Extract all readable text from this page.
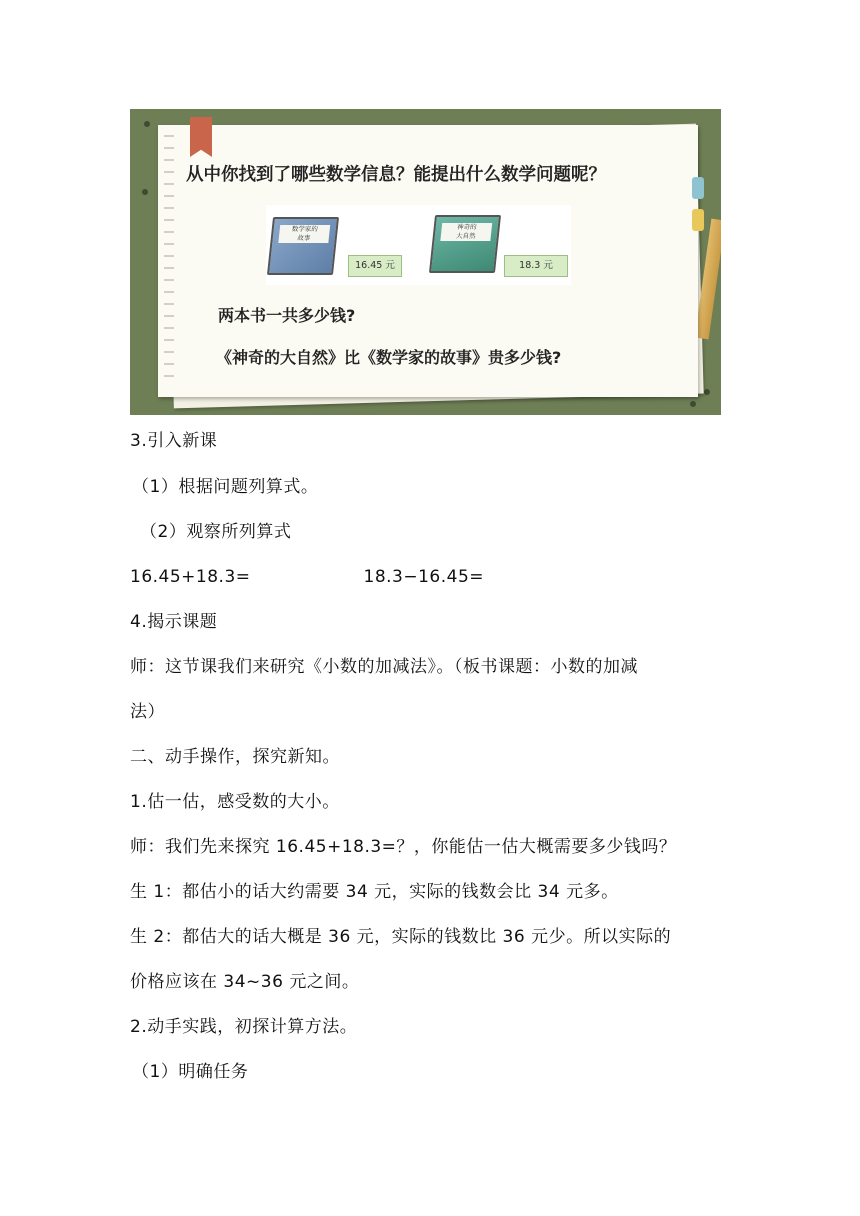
从中你找到了哪些数学信息？能提出什么数学问题呢？
数学家的
故事
16.45 元
神奇的
大自然
18.3 元
两本书一共多少钱?
《神奇的大自然》比《数学家的故事》贵多少钱?
3.引入新课
（1）根据问题列算式。
（2）观察所列算式
16.45+18.3=	18.3−16.45=
4.揭示课题
师：这节课我们来研究《小数的加减法》。（板书课题：小数的加减
法）
二、动手操作，探究新知。
1.估一估，感受数的大小。
师：我们先来探究 16.45+18.3=？，你能估一估大概需要多少钱吗？
生 1：都估小的话大约需要 34 元，实际的钱数会比 34 元多。
生 2：都估大的话大概是 36 元，实际的钱数比 36 元少。所以实际的
价格应该在 34~36 元之间。
2.动手实践，初探计算方法。
（1）明确任务
